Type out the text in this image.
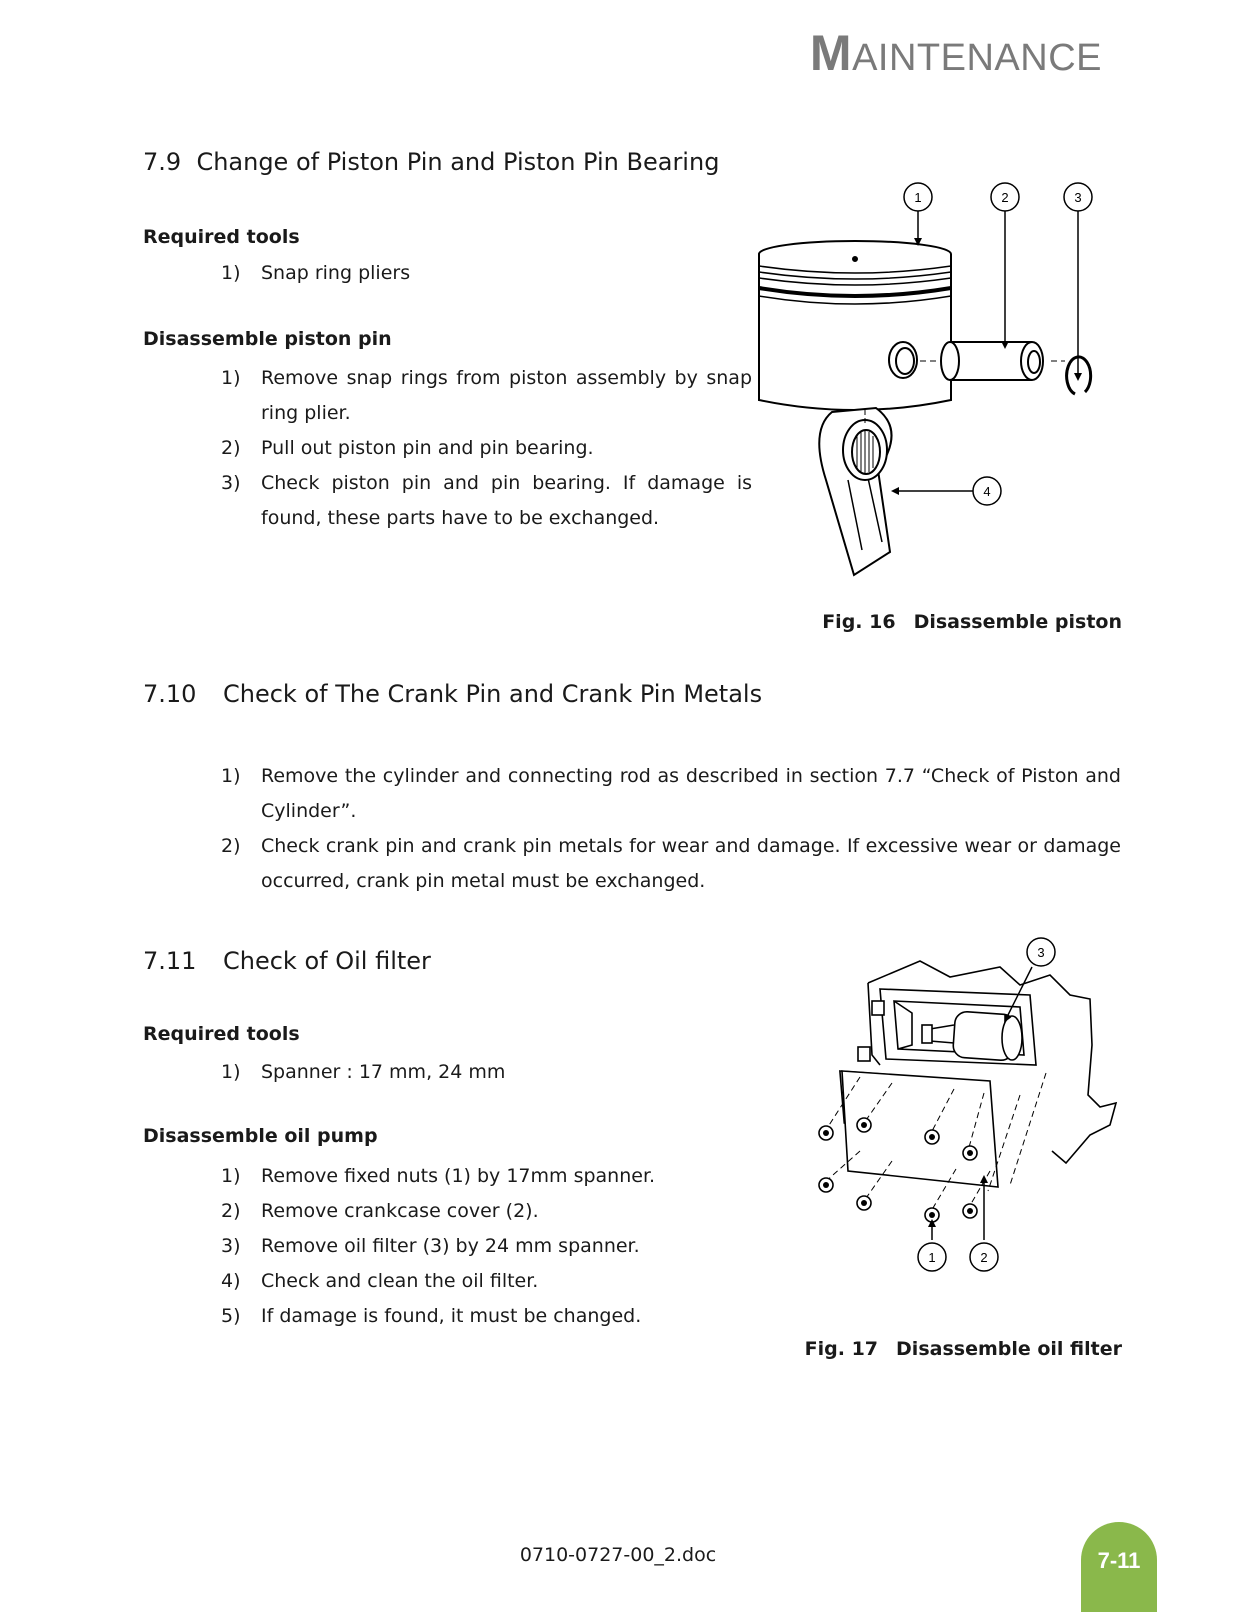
MAINTENANCE
7.9 Change of Piston Pin and Piston Pin Bearing
Required tools
1) Snap ring pliers
Disassemble piston pin
1) Remove snap rings from piston assembly by snap ring plier.
2) Pull out piston pin and pin bearing.
3) Check piston pin and pin bearing. If damage is found, these parts have to be exchanged.
1	2	3
4
Fig. 16 Disassemble piston
7.10 Check of The Crank Pin and Crank Pin Metals
1) Remove the cylinder and connecting rod as described in section 7.7 “Check of Piston and Cylinder”.
2) Check crank pin and crank pin metals for wear and damage. If excessive wear or damage occurred, crank pin metal must be exchanged.
7.11 Check of Oil filter
Required tools
1) Spanner : 17 mm, 24 mm
Disassemble oil pump
1) Remove fixed nuts (1) by 17mm spanner.
2) Remove crankcase cover (2).
3) Remove oil filter (3) by 24 mm spanner.
4) Check and clean the oil filter.
5) If damage is found, it must be changed.
3
1	2
Fig. 17 Disassemble oil filter
0710-0727-00_2.doc	7-11
